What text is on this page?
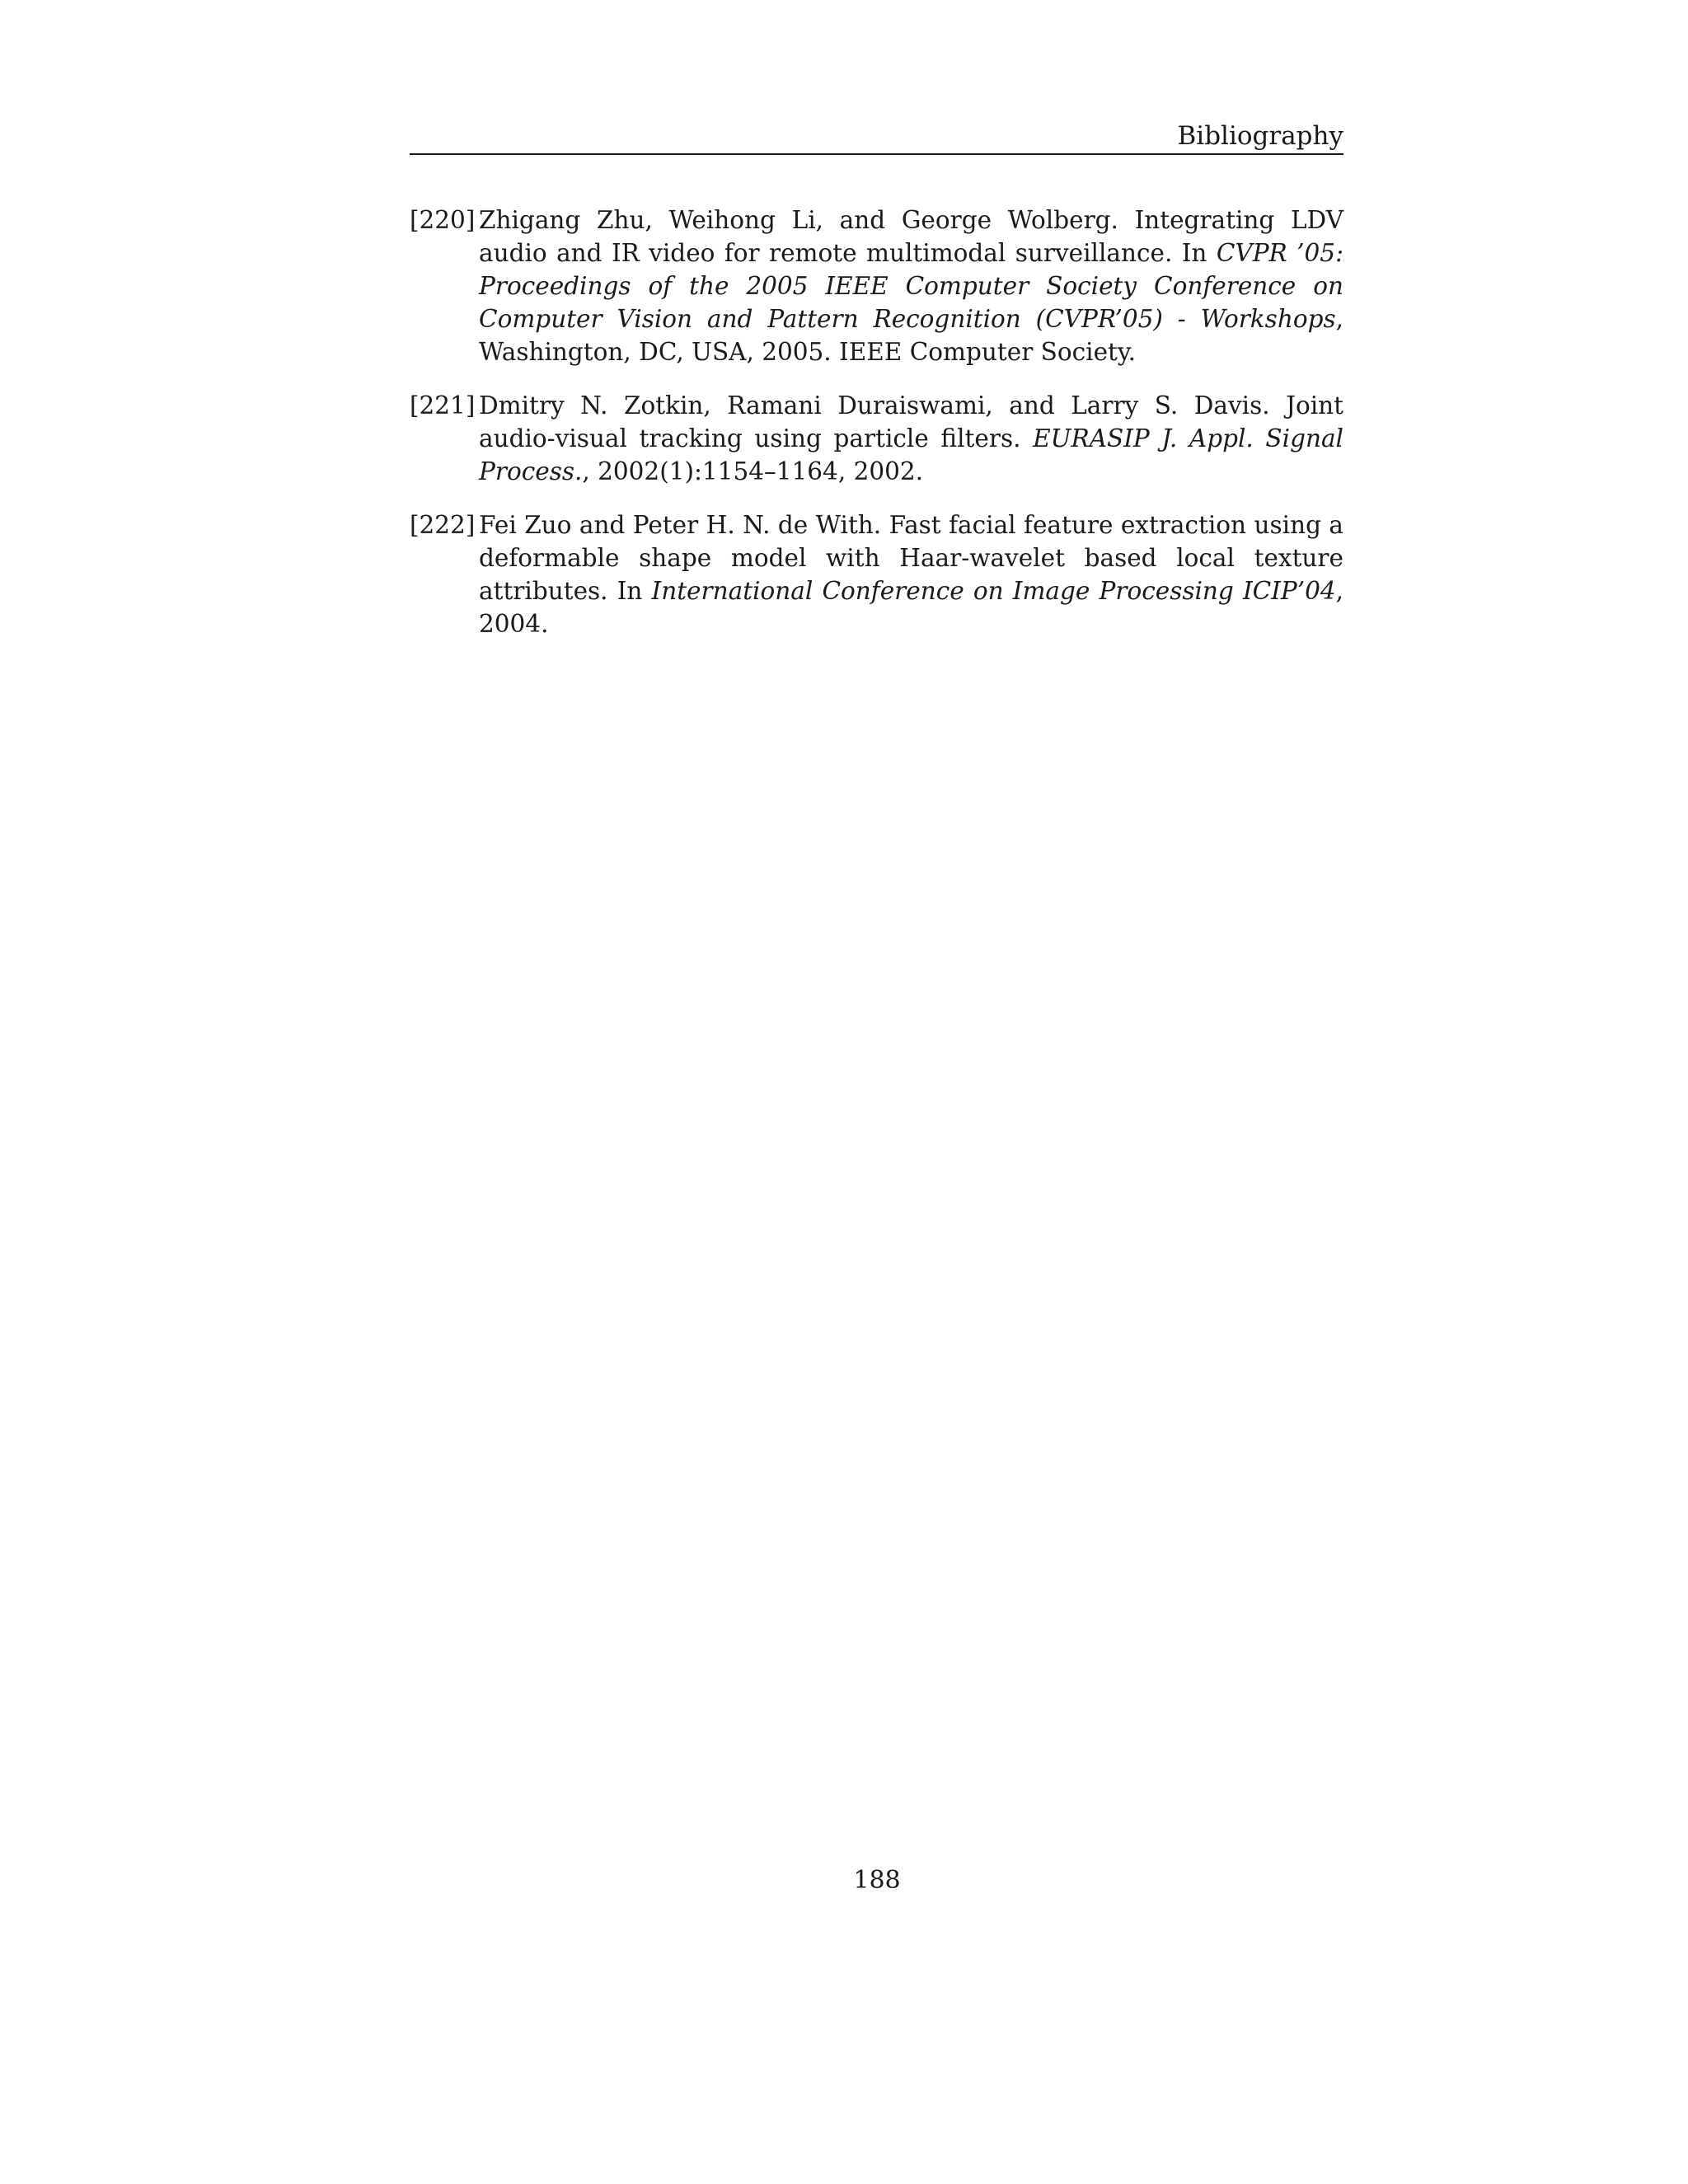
Bibliography
[220] Zhigang Zhu, Weihong Li, and George Wolberg. Integrating LDV audio and IR video for remote multimodal surveillance. In CVPR ’05: Proceedings of the 2005 IEEE Computer Society Conference on Computer Vision and Pattern Recognition (CVPR’05) - Workshops, Washington, DC, USA, 2005. IEEE Computer Society.
[221] Dmitry N. Zotkin, Ramani Duraiswami, and Larry S. Davis. Joint audio-visual tracking using particle filters. EURASIP J. Appl. Signal Process., 2002(1):1154–1164, 2002.
[222] Fei Zuo and Peter H. N. de With. Fast facial feature extraction using a deformable shape model with Haar-wavelet based local texture attributes. In International Conference on Image Processing ICIP’04, 2004.
188
